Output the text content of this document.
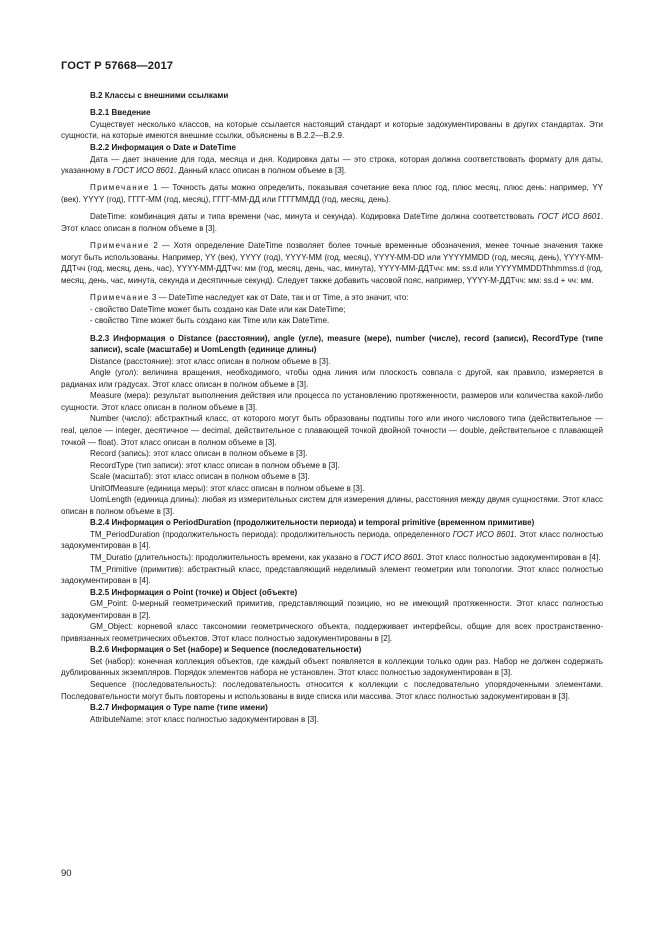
ГОСТ Р 57668—2017

В.2 Классы с внешними ссылками

В.2.1 Введение

Существует несколько классов, на которые ссылается настоящий стандарт и которые задокументированы в других стандартах. Эти сущности, на которые имеются внешние ссылки, объяснены в В.2.2—В.2.9.

В.2.2 Информация о Date и DateTime

Дата — дает значение для года, месяца и дня. Кодировка даты — это строка, которая должна соответствовать формату для даты, указанному в ГОСТ ИСО 8601. Данный класс описан в полном объеме в [3].

Примечание 1 — Точность даты можно определить, показывая сочетание века плюс год, плюс месяц, плюс день: например, YY (век). YYYY (год), ГГГГ-ММ (год, месяц), ГГГГ-ММ-ДД или ГГГГММДД (год, месяц, день).

DateTime: комбинация даты и типа времени (час, минута и секунда). Кодировка DateTime должна соответствовать ГОСТ ИСО 8601. Этот класс описан в полном объеме в [3].

Примечание 2 — Хотя определение DateTime позволяет более точные временные обозначения, менее точные значения также могут быть использованы. Например, YY (век), YYYY (год), YYYY-MM (год, месяц), YYYY-MM-DD или YYYYMMDD (год, месяц, день), YYYY-ММ-ДДТчч (год, месяц, день, час), YYYY-ММ-ДДТчч: мм (год, месяц, день, час, минута), YYYY-ММ-ДДТчч: мм: ss.d или YYYYMMDDThhmmss.d (год, месяц, день, час, минута, секунда и десятичные секунд). Следует также добавить часовой пояс, например, YYYY-М-ДДТчч: мм: ss.d + чч: мм.

Примечание 3 — DateTime наследует как от Date, так и от Time, а это значит, что:

- свойство DateTime может быть создано как Date или как DateTime;

- свойство Time может быть создано как Time или как DateTime.

В.2.3 Информация о Distance (расстоянии), angle (угле), measure (мере), number (числе), record (записи), RecordType (типе записи), scale (масштабе) и UomLength (единице длины)

Distance (расстояние): этот класс описан в полном объеме в [3].

Angle (угол): величина вращения, необходимого, чтобы одна линия или плоскость совпала с другой, как правило, измеряется в радианах или градусах. Этот класс описан в полном объеме в [3].

Measure (мера): результат выполнения действия или процесса по установлению протяженности, размеров или количества какой-либо сущности. Этот класс описан в полном объеме в [3].

Number (число): абстрактный класс, от которого могут быть образованы подтипы того или иного числового типа (действительное — real, целое — integer, десятичное — decimal, действительное с плавающей точкой двойной точности — double, действительное с плавающей точкой — float). Этот класс описан в полном объеме в [3].

Record (запись): этот класс описан в полном объеме в [3].

RecordType (тип записи): этот класс описан в полном объеме в [3].

Scale (масштаб): этот класс описан в полном объеме в [3].

UnitOfMeasure (единица меры): этот класс описан в полном объеме в [3].

UomLength (единица длины): любая из измерительных систем для измерения длины, расстояния между двумя сущностями. Этот класс описан в полном объеме в [3].

В.2.4 Информация о PeriodDuration (продолжительности периода) и temporal primitive (временном примитиве)

TM_PeriodDuration (продолжительность периода): продолжительность периода, определенного ГОСТ ИСО 8601. Этот класс полностью задокументирован в [4].

TM_Duratio (длительность): продолжительность времени, как указано в ГОСТ ИСО 8601. Этот класс полностью задокументирован в [4].

TM_Primitive (примитив): абстрактный класс, представляющий неделимый элемент геометрии или топологии. Этот класс полностью задокументирован в [4].

В.2.5 Информация о Point (точке) и Object (объекте)

GM_Point: 0-мерный геометрический примитив, представляющий позицию, но не имеющий протяженности. Этот класс полностью задокументирован в [2].

GM_Object: корневой класс таксономии геометрического объекта, поддерживает интерфейсы, общие для всех пространственно-привязанных геометрических объектов. Этот класс полностью задокументированы в [2].

В.2.6 Информация о Set (наборе) и Sequence (последовательности)

Set (набор): конечная коллекция объектов, где каждый объект появляется в коллекции только один раз. Набор не должен содержать дублированных экземпляров. Порядок элементов набора не установлен. Этот класс полностью задокументирован в [3].

Sequence (последовательность): последовательность относится к коллекции с последовательно упорядоченными элементами. Последовательности могут быть повторены и использованы в виде списка или массива. Этот класс полностью задокументирован в [3].

В.2.7 Информация о Type name (типе имени)

AttributeName: этот класс полностью задокументирован в [3].

90
